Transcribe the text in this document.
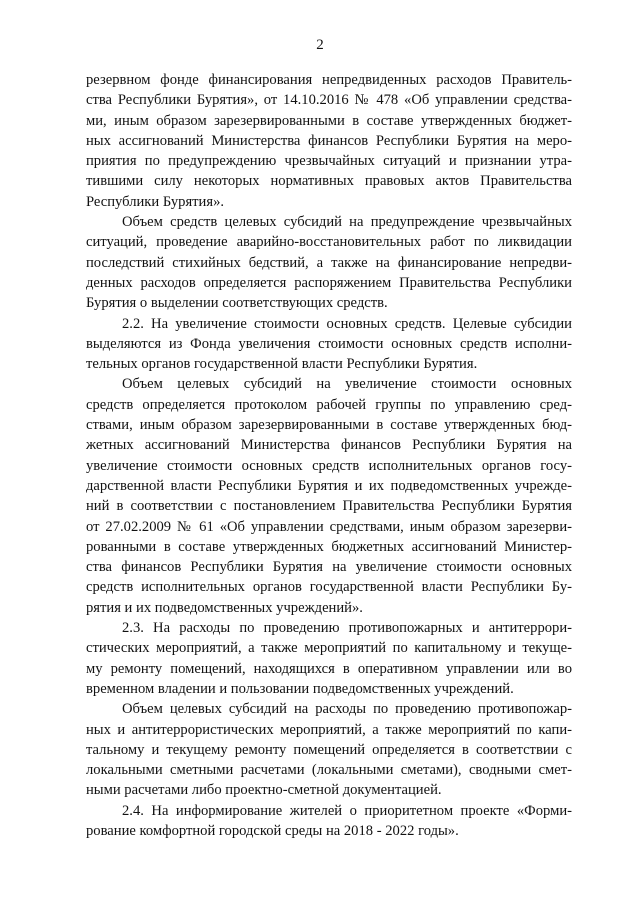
2
резервном фонде финансирования непредвиденных расходов Правитель-
ства Республики Бурятия», от 14.10.2016 № 478 «Об управлении средства-
ми, иным образом зарезервированными в составе утвержденных бюджет-
ных ассигнований Министерства финансов Республики Бурятия на меро-
приятия по предупреждению чрезвычайных ситуаций и признании утра-
тившими силу некоторых нормативных правовых актов Правительства
Республики Бурятия».
Объем средств целевых субсидий на предупреждение чрезвычайных
ситуаций, проведение аварийно-восстановительных работ по ликвидации
последствий стихийных бедствий, а также на финансирование непредви-
денных расходов определяется распоряжением Правительства Республики
Бурятия о выделении соответствующих средств.
2.2. На увеличение стоимости основных средств. Целевые субсидии
выделяются из Фонда увеличения стоимости основных средств исполни-
тельных органов государственной власти Республики Бурятия.
Объем целевых субсидий на увеличение стоимости основных
средств определяется протоколом рабочей группы по управлению сред-
ствами, иным образом зарезервированными в составе утвержденных бюд-
жетных ассигнований Министерства финансов Республики Бурятия на
увеличение стоимости основных средств исполнительных органов госу-
дарственной власти Республики Бурятия и их подведомственных учрежде-
ний в соответствии с постановлением Правительства Республики Бурятия
от 27.02.2009 № 61 «Об управлении средствами, иным образом зарезерви-
рованными в составе утвержденных бюджетных ассигнований Министер-
ства финансов Республики Бурятия на увеличение стоимости основных
средств исполнительных органов государственной власти Республики Бу-
рятия и их подведомственных учреждений».
2.3. На расходы по проведению противопожарных и антитеррори-
стических мероприятий, а также мероприятий по капитальному и текуще-
му ремонту помещений, находящихся в оперативном управлении или во
временном владении и пользовании подведомственных учреждений.
Объем целевых субсидий на расходы по проведению противопожар-
ных и антитеррористических мероприятий, а также мероприятий по капи-
тальному и текущему ремонту помещений определяется в соответствии с
локальными сметными расчетами (локальными сметами), сводными смет-
ными расчетами либо проектно-сметной документацией.
2.4. На информирование жителей о приоритетном проекте «Форми-
рование комфортной городской среды на 2018 - 2022 годы».
